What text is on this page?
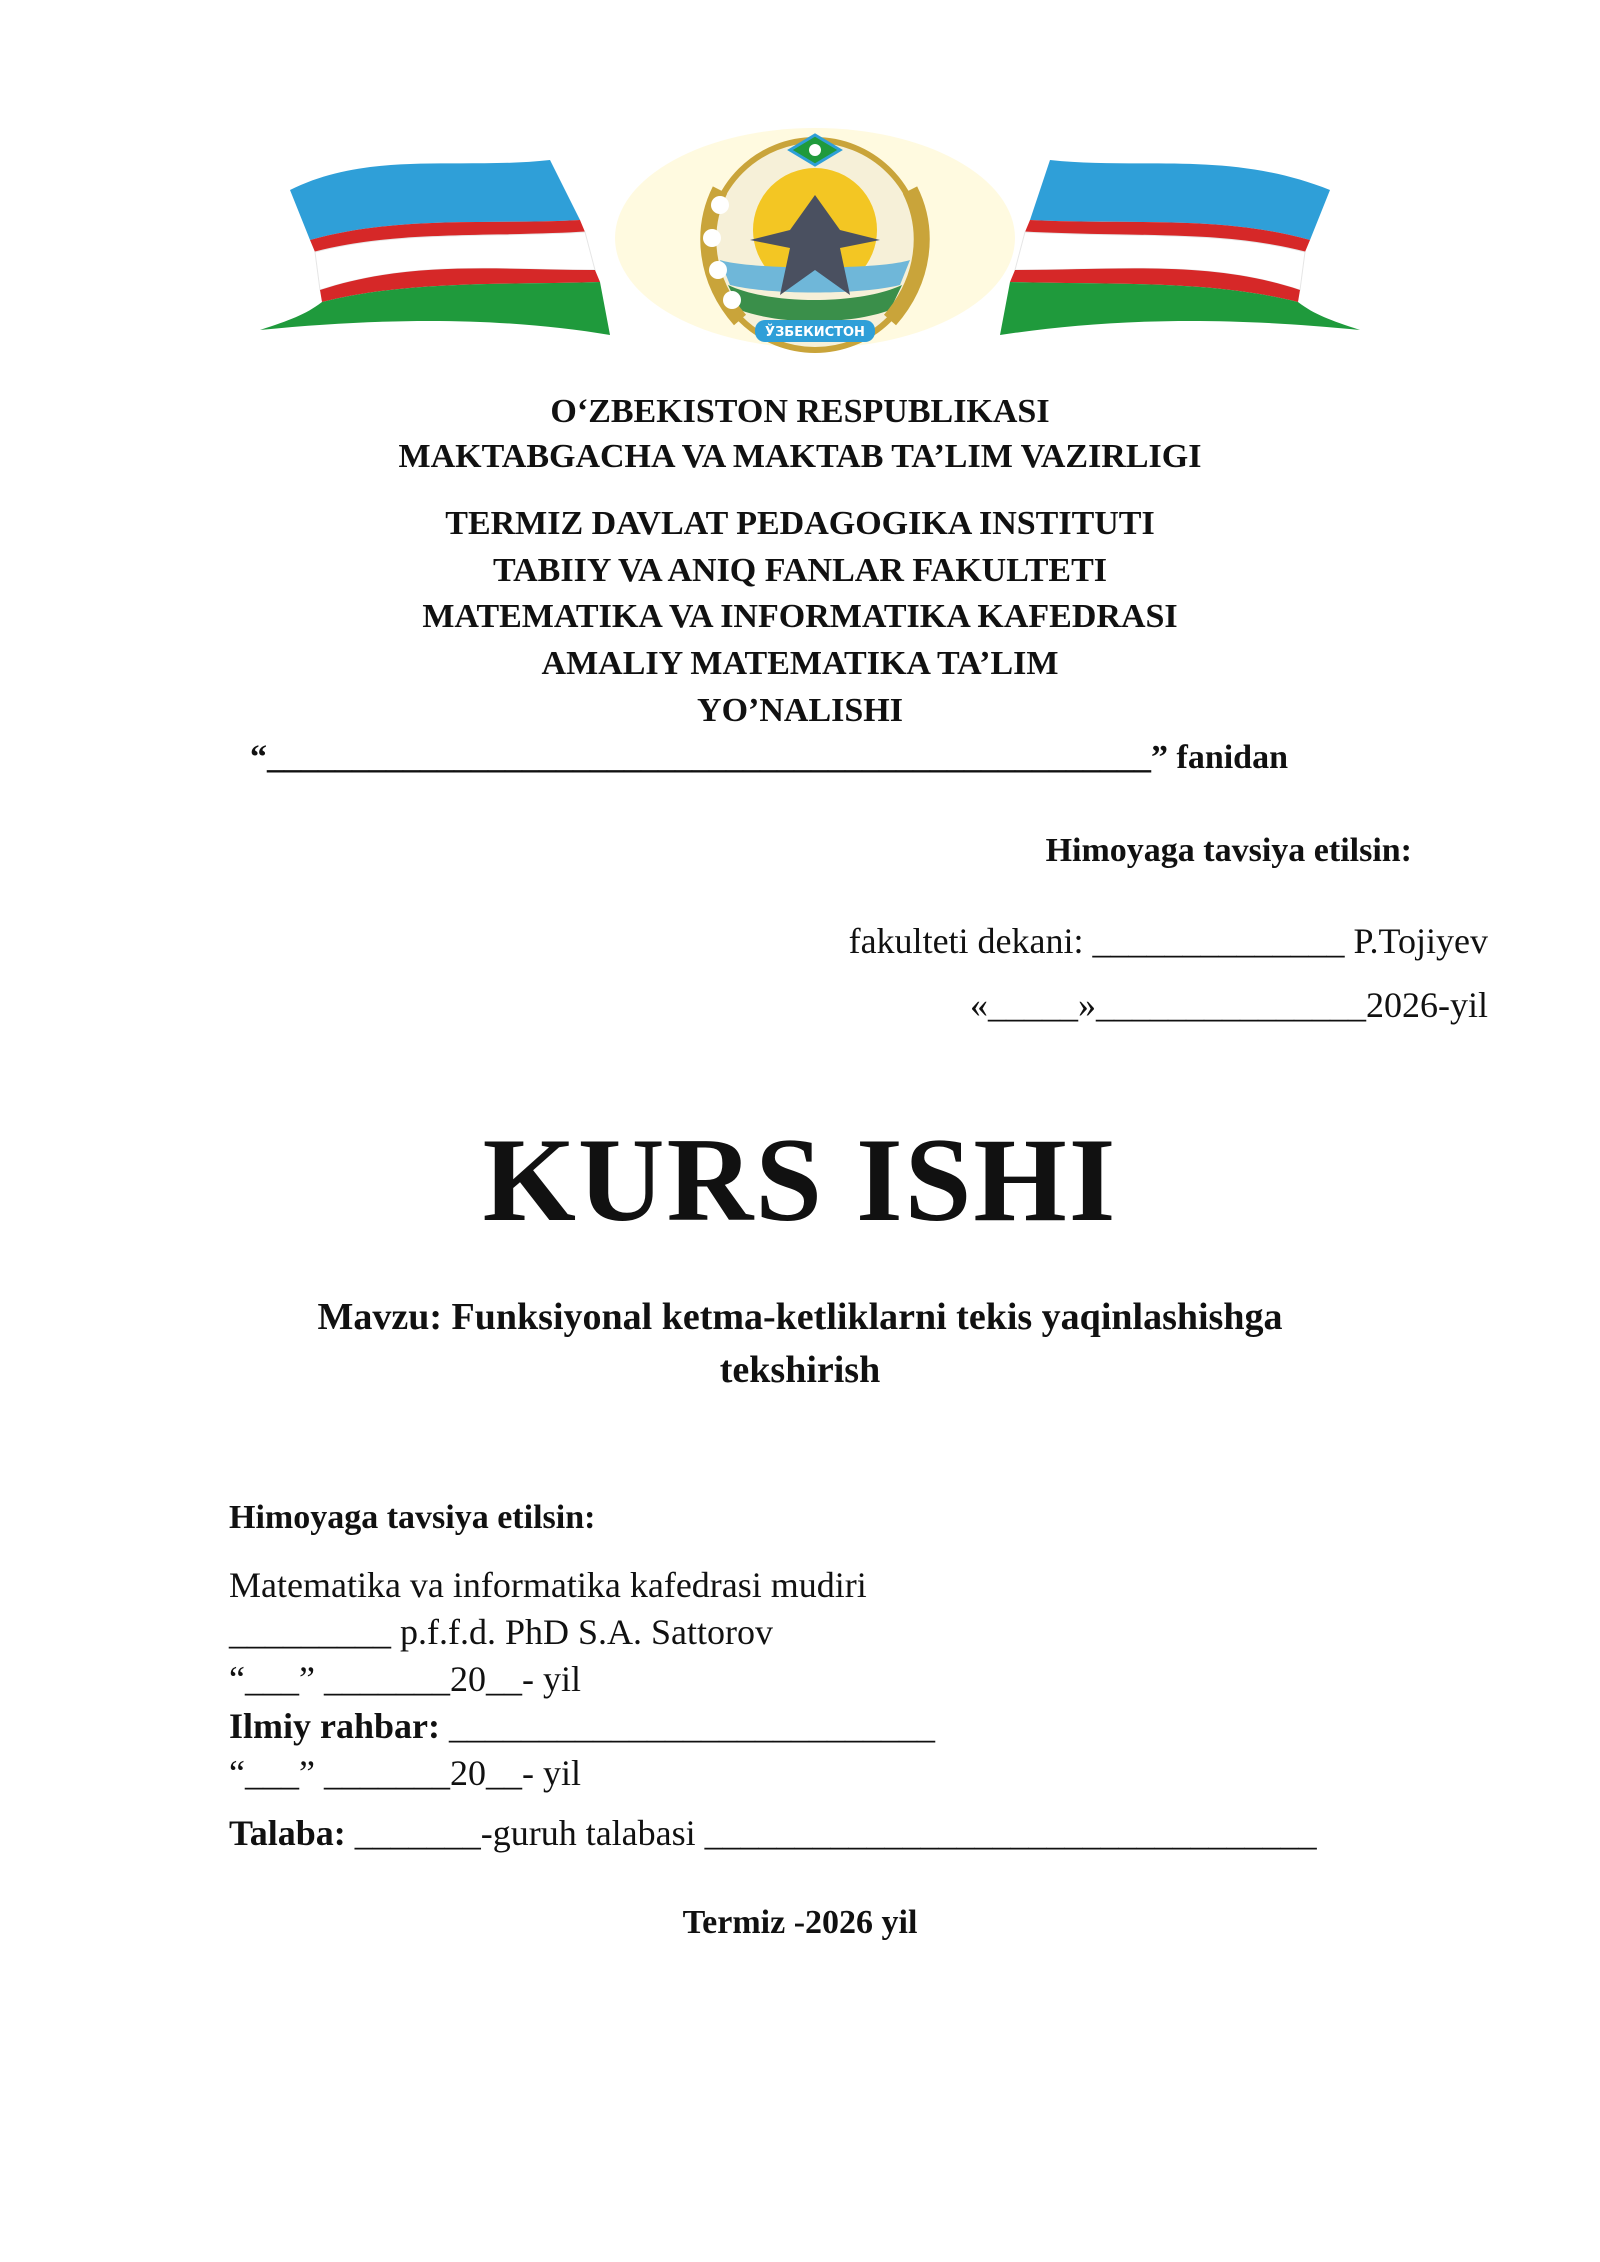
ЎЗБЕКИСТОН
O‘ZBEKISTON RESPUBLIKASI
MAKTABGACHA VA MAKTAB TA’LIM VAZIRLIGI
TERMIZ DAVLAT PEDAGOGIKA INSTITUTI
TABIIY VA ANIQ FANLAR FAKULTETI
MATEMATIKA VA INFORMATIKA KAFEDRASI
AMALIY MATEMATIKA TA’LIM
YO’NALISHI
“____________________________________________________” fanidan
Himoyaga tavsiya etilsin:
fakulteti dekani: ______________ P.Tojiyev
«_____»_______________2026-yil
KURS ISHI
Mavzu: Funksiyonal ketma-ketliklarni tekis yaqinlashishga
tekshirish
Himoyaga tavsiya etilsin:
Matematika va informatika kafedrasi mudiri
_________ p.f.f.d. PhD S.A. Sattorov
“___” _______20__- yil
Ilmiy rahbar: ___________________________
“___” _______20__- yil
Talaba: _______-guruh talabasi __________________________________
Termiz -2026 yil
